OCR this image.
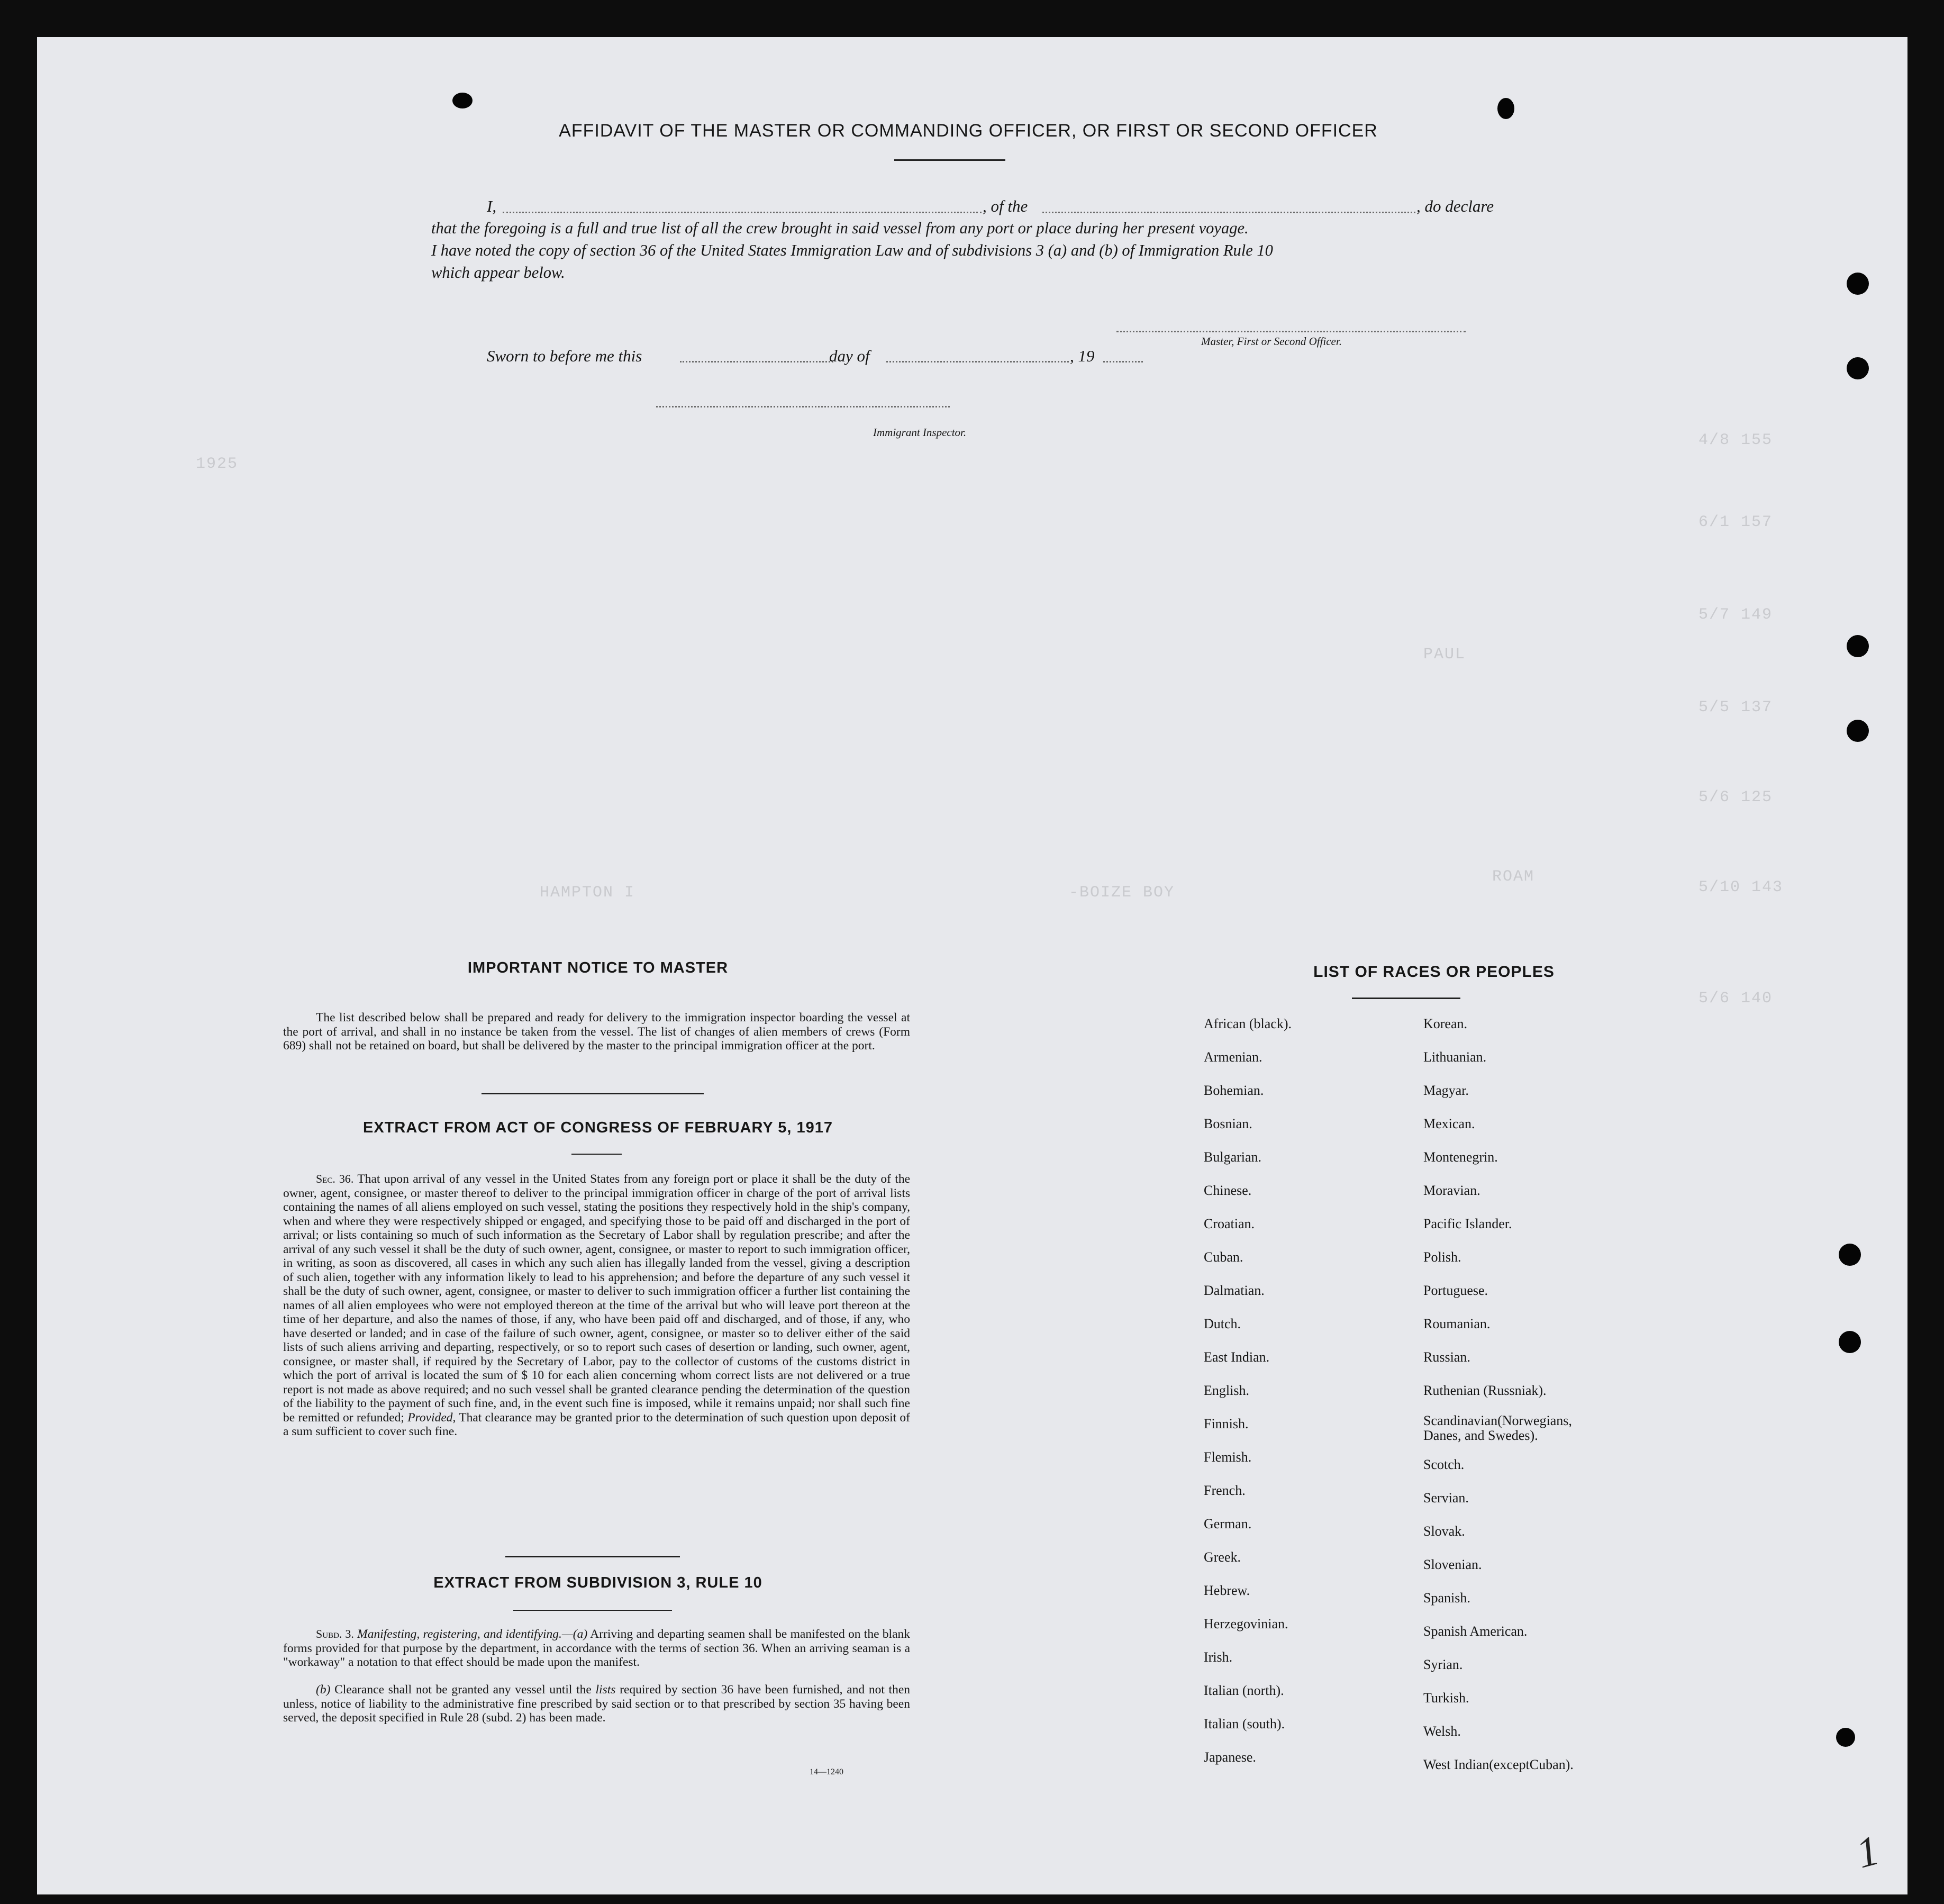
4/8 155
6/1 157
5/7 149
5/5 137
5/6 125
5/10 143
5/6 140
ROAM
PAUL
-BOIZE BOY
HAMPTON I
1925
AFFIDAVIT OF THE MASTER OR COMMANDING OFFICER, OR FIRST OR SECOND OFFICER
I,	, of the	, do declare
that the foregoing is a full and true list of all the crew brought in said vessel from any port or place during her present voyage.
I have noted the copy of section 36 of the United States Immigration Law and of subdivisions 3 (a) and (b) of Immigration Rule 10
which appear below.
Master, First or Second Officer.
Sworn to before me this	day of	, 19
Immigrant Inspector.
IMPORTANT NOTICE TO MASTER
The list described below shall be prepared and ready for delivery to the immigration inspector boarding the vessel at the port of arrival, and shall in no instance be taken from the vessel. The list of changes of alien members of crews (Form 689) shall not be retained on board, but shall be delivered by the master to the principal immigration officer at the port.
EXTRACT FROM ACT OF CONGRESS OF FEBRUARY 5, 1917
Sec. 36. That upon arrival of any vessel in the United States from any foreign port or place it shall be the duty of the owner, agent, consignee, or master thereof to deliver to the principal immigration officer in charge of the port of arrival lists containing the names of all aliens employed on such vessel, stating the positions they respectively hold in the ship's company, when and where they were respectively shipped or engaged, and specifying those to be paid off and discharged in the port of arrival; or lists containing so much of such information as the Secretary of Labor shall by regulation prescribe; and after the arrival of any such vessel it shall be the duty of such owner, agent, consignee, or master to report to such immigration officer, in writing, as soon as discovered, all cases in which any such alien has illegally landed from the vessel, giving a description of such alien, together with any information likely to lead to his apprehension; and before the departure of any such vessel it shall be the duty of such owner, agent, consignee, or master to deliver to such immigration officer a further list containing the names of all alien employees who were not employed thereon at the time of the arrival but who will leave port thereon at the time of her departure, and also the names of those, if any, who have been paid off and discharged, and of those, if any, who have deserted or landed; and in case of the failure of such owner, agent, consignee, or master so to deliver either of the said lists of such aliens arriving and departing, respectively, or so to report such cases of desertion or landing, such owner, agent, consignee, or master shall, if required by the Secretary of Labor, pay to the collector of customs of the customs district in which the port of arrival is located the sum of $ 10 for each alien concerning whom correct lists are not delivered or a true report is not made as above required; and no such vessel shall be granted clearance pending the determination of the question of the liability to the payment of such fine, and, in the event such fine is imposed, while it remains unpaid; nor shall such fine be remitted or refunded; Provided, That clearance may be granted prior to the determination of such question upon deposit of a sum sufficient to cover such fine.
EXTRACT FROM SUBDIVISION 3, RULE 10
Subd. 3. Manifesting, registering, and identifying.—(a) Arriving and departing seamen shall be manifested on the blank forms provided for that purpose by the department, in accordance with the terms of section 36. When an arriving seaman is a "workaway" a notation to that effect should be made upon the manifest.
(b) Clearance shall not be granted any vessel until the lists required by section 36 have been furnished, and not then unless, notice of liability to the administrative fine prescribed by said section or to that prescribed by section 35 having been served, the deposit specified in Rule 28 (subd. 2) has been made.
14—1240
LIST OF RACES OR PEOPLES
African (black).
Armenian.
Bohemian.
Bosnian.
Bulgarian.
Chinese.
Croatian.
Cuban.
Dalmatian.
Dutch.
East Indian.
English.
Finnish.
Flemish.
French.
German.
Greek.
Hebrew.
Herzegovinian.
Irish.
Italian (north).
Italian (south).
Japanese.
Korean.
Lithuanian.
Magyar.
Mexican.
Montenegrin.
Moravian.
Pacific Islander.
Polish.
Portuguese.
Roumanian.
Russian.
Ruthenian (Russniak).
Scandinavian(Norwegians,
Danes, and Swedes).
Scotch.
Servian.
Slovak.
Slovenian.
Spanish.
Spanish American.
Syrian.
Turkish.
Welsh.
West Indian(exceptCuban).
1
